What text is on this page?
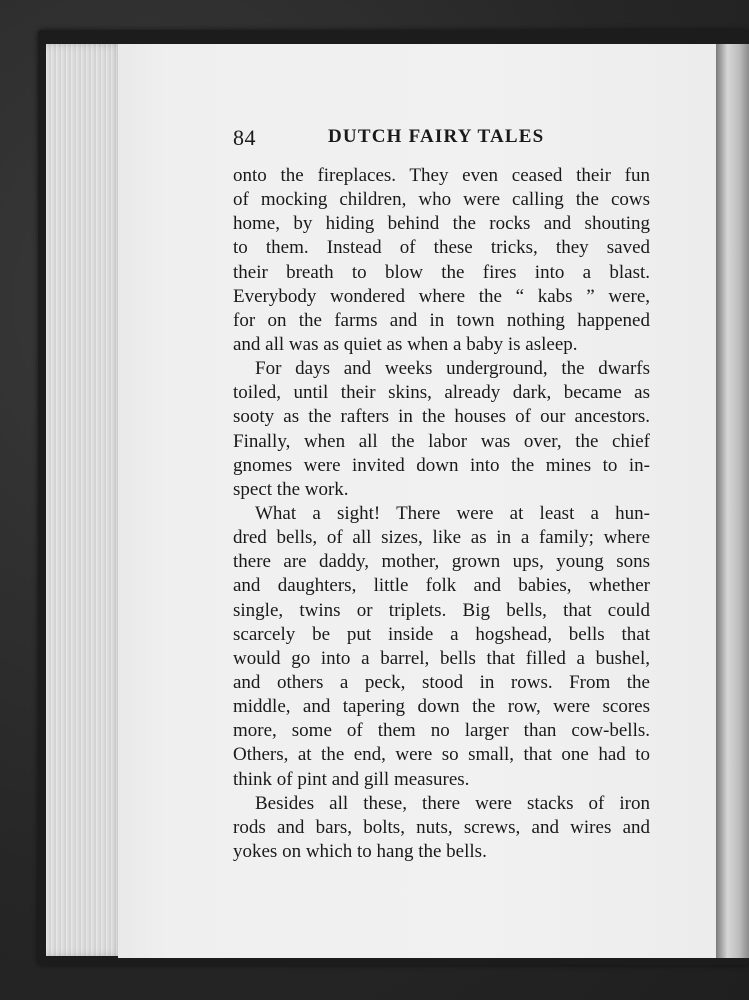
84	DUTCH FAIRY TALES
onto the fireplaces. They even ceased their fun
of mocking children, who were calling the cows
home, by hiding behind the rocks and shouting
to them. Instead of these tricks, they saved
their breath to blow the fires into a blast.
Everybody wondered where the “ kabs ” were,
for on the farms and in town nothing happened
and all was as quiet as when a baby is asleep.
For days and weeks underground, the dwarfs
toiled, until their skins, already dark, became as
sooty as the rafters in the houses of our ancestors.
Finally, when all the labor was over, the chief
gnomes were invited down into the mines to in-
spect the work.
What a sight! There were at least a hun-
dred bells, of all sizes, like as in a family; where
there are daddy, mother, grown ups, young sons
and daughters, little folk and babies, whether
single, twins or triplets. Big bells, that could
scarcely be put inside a hogshead, bells that
would go into a barrel, bells that filled a bushel,
and others a peck, stood in rows. From the
middle, and tapering down the row, were scores
more, some of them no larger than cow-bells.
Others, at the end, were so small, that one had to
think of pint and gill measures.
Besides all these, there were stacks of iron
rods and bars, bolts, nuts, screws, and wires and
yokes on which to hang the bells.
